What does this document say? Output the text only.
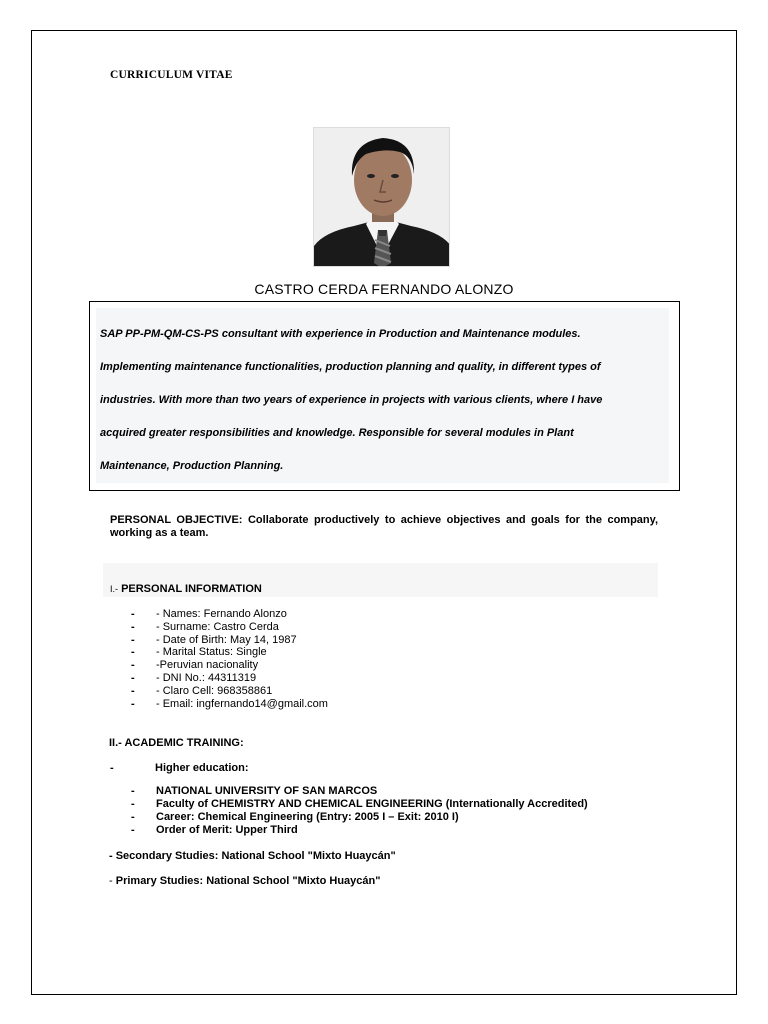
CURRICULUM VITAE
CASTRO CERDA FERNANDO ALONZO
SAP PP-PM-QM-CS-PS consultant with experience in Production and Maintenance modules.
Implementing maintenance functionalities, production planning and quality, in different types of
industries. With more than two years of experience in projects with various clients, where I have
acquired greater responsibilities and knowledge. Responsible for several modules in Plant
Maintenance, Production Planning.
PERSONAL OBJECTIVE: Collaborate productively to achieve objectives and goals for the company, working as a team.
I.- PERSONAL INFORMATION
- - Names: Fernando Alonzo
- - Surname: Castro Cerda
- - Date of Birth: May 14, 1987
- - Marital Status: Single
- -Peruvian nacionality
- - DNI No.: 44311319
- - Claro Cell: 968358861
- - Email: ingfernando14@gmail.com
II.- ACADEMIC TRAINING:
-	Higher education:
- NATIONAL UNIVERSITY OF SAN MARCOS
- Faculty of CHEMISTRY AND CHEMICAL ENGINEERING (Internationally Accredited)
- Career: Chemical Engineering (Entry: 2005 I – Exit: 2010 I)
- Order of Merit: Upper Third
- Secondary Studies: National School "Mixto Huaycán"
- Primary Studies: National School "Mixto Huaycán"
